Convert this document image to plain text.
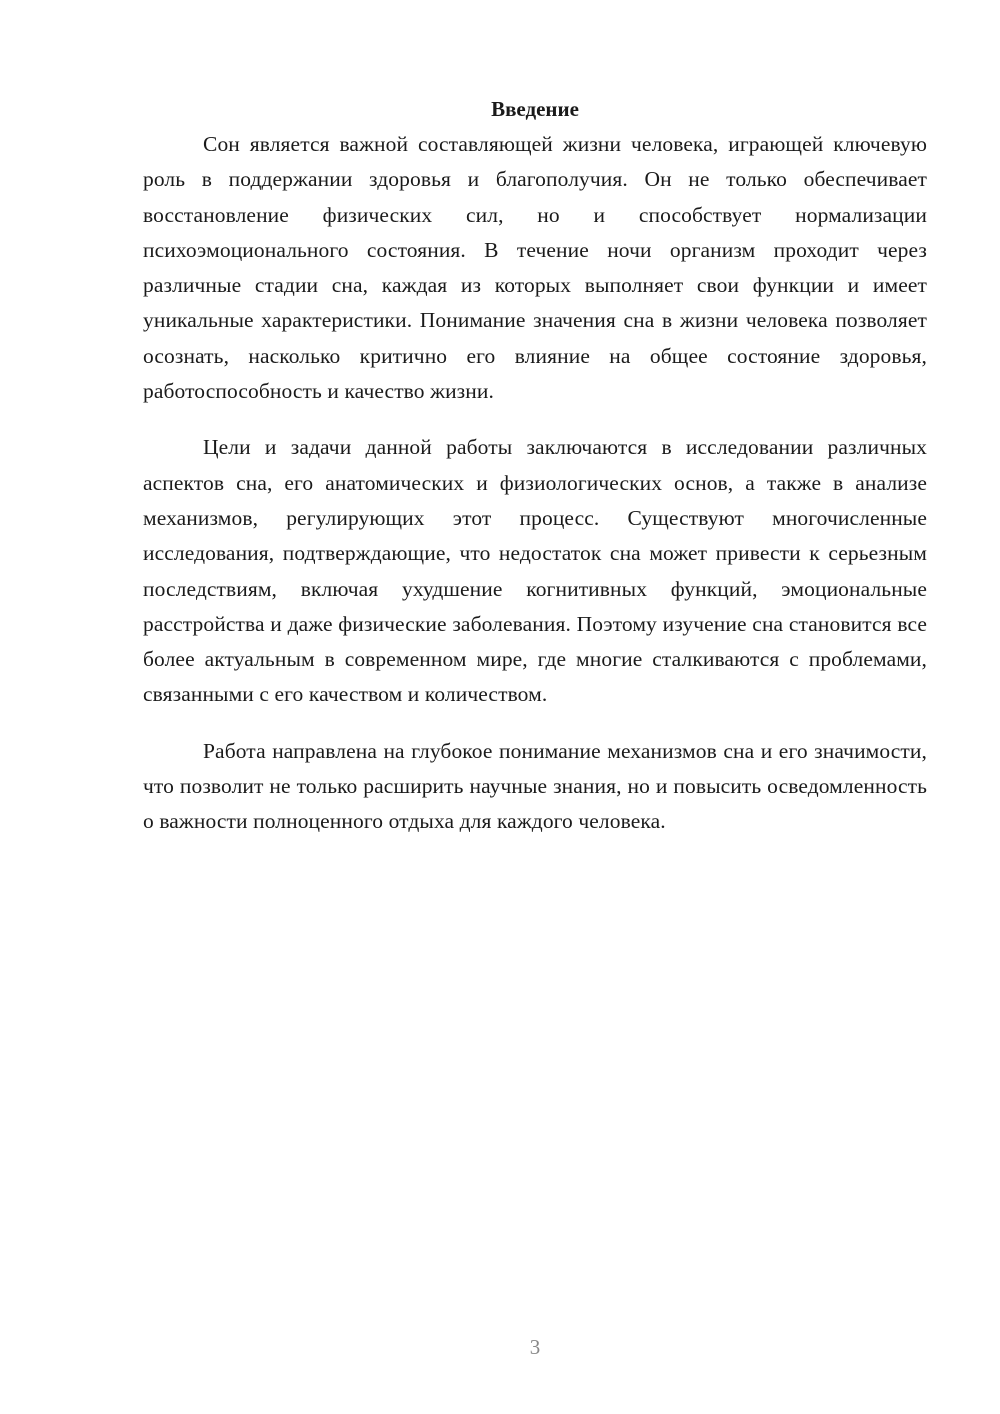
Введение

Сон является важной составляющей жизни человека, играющей ключевую роль в поддержании здоровья и благополучия. Он не только обеспечивает восстановление физических сил, но и способствует нормализации психоэмоционального состояния. В течение ночи организм проходит через различные стадии сна, каждая из которых выполняет свои функции и имеет уникальные характеристики. Понимание значения сна в жизни человека позволяет осознать, насколько критично его влияние на общее состояние здоровья, работоспособность и качество жизни.

Цели и задачи данной работы заключаются в исследовании различных аспектов сна, его анатомических и физиологических основ, а также в анализе механизмов, регулирующих этот процесс. Существуют многочисленные исследования, подтверждающие, что недостаток сна может привести к серьезным последствиям, включая ухудшение когнитивных функций, эмоциональные расстройства и даже физические заболевания. Поэтому изучение сна становится все более актуальным в современном мире, где многие сталкиваются с проблемами, связанными с его качеством и количеством.

Работа направлена на глубокое понимание механизмов сна и его значимости, что позволит не только расширить научные знания, но и повысить осведомленность о важности полноценного отдыха для каждого человека.

3
